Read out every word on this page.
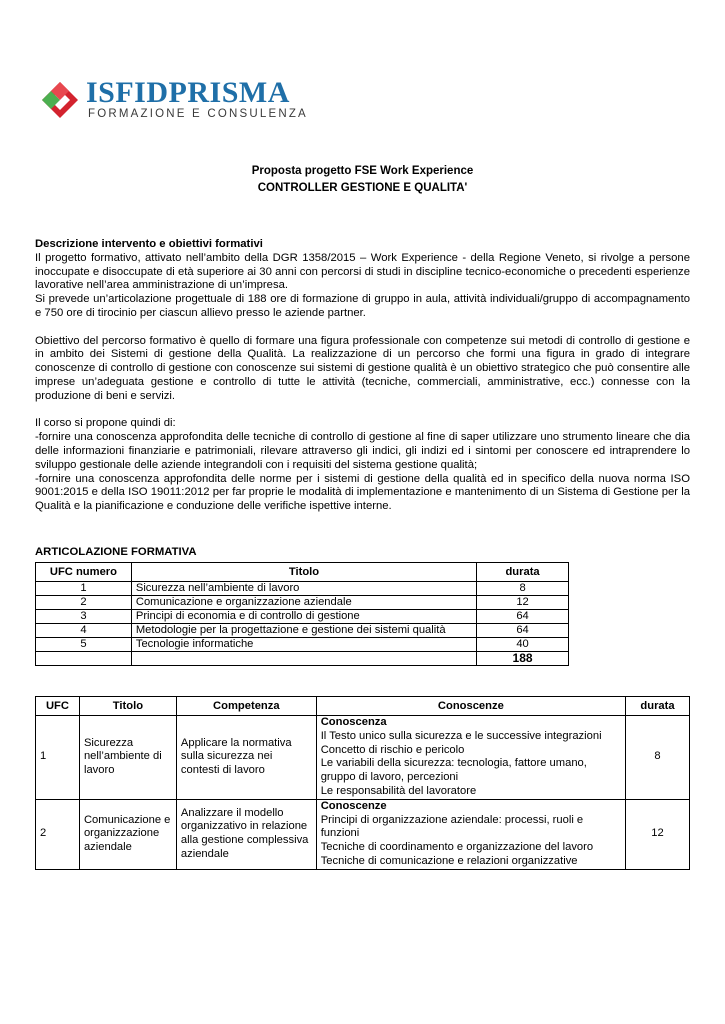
ISFIDPRISMA
FORMAZIONE E CONSULENZA
Proposta progetto FSE Work Experience
CONTROLLER GESTIONE E QUALITA'

Descrizione intervento e obiettivi formativi

Il progetto formativo, attivato nell’ambito della DGR 1358/2015 – Work Experience - della Regione Veneto, si rivolge a persone inoccupate e disoccupate di età superiore ai 30 anni con percorsi di studi in discipline tecnico-economiche o precedenti esperienze lavorative nell’area amministrazione di un’impresa.

Si prevede un’articolazione progettuale di 188 ore di formazione di gruppo in aula, attività individuali/gruppo di accompagnamento e 750 ore di tirocinio per ciascun allievo presso le aziende partner.

Obiettivo del percorso formativo è quello di formare una figura professionale con competenze sui metodi di controllo di gestione e in ambito dei Sistemi di gestione della Qualità. La realizzazione di un percorso che formi una figura in grado di integrare conoscenze di controllo di gestione con conoscenze sui sistemi di gestione qualità è un obiettivo strategico che può consentire alle imprese un’adeguata gestione e controllo di tutte le attività (tecniche, commerciali, amministrative, ecc.) connesse con la produzione di beni e servizi.

Il corso si propone quindi di:

-fornire una conoscenza approfondita delle tecniche di controllo di gestione al fine di saper utilizzare uno strumento lineare che dia delle informazioni finanziarie e patrimoniali, rilevare attraverso gli indici, gli indizi ed i sintomi per conoscere ed intraprendere lo sviluppo gestionale delle aziende integrandoli con i requisiti del sistema gestione qualità;

-fornire una conoscenza approfondita delle norme per i sistemi di gestione della qualità ed in specifico della nuova norma ISO 9001:2015 e della ISO 19011:2012 per far proprie le modalità di implementazione e mantenimento di un Sistema di Gestione per la Qualità e la pianificazione e conduzione delle verifiche ispettive interne.

ARTICOLAZIONE FORMATIVA
UFC numero	Titolo	durata
1	Sicurezza nell’ambiente di lavoro	8
2	Comunicazione e organizzazione aziendale	12
3	Principi di economia e di controllo di gestione	64
4	Metodologie per la progettazione e gestione dei sistemi qualità	64
5	Tecnologie informatiche	40
		188
UFC	Titolo	Competenza	Conoscenze	durata
1	Sicurezza nell’ambiente di lavoro	Applicare la normativa sulla sicurezza nei contesti di lavoro	Conoscenza
Il Testo unico sulla sicurezza e le successive integrazioni
Concetto di rischio e pericolo
Le variabili della sicurezza: tecnologia, fattore umano, gruppo di lavoro, percezioni
Le responsabilità del lavoratore	8
2	Comunicazione e organizzazione aziendale	Analizzare il modello organizzativo in relazione alla gestione complessiva aziendale	Conoscenze
Principi di organizzazione aziendale: processi, ruoli e funzioni
Tecniche di coordinamento e organizzazione del lavoro
Tecniche di comunicazione e relazioni organizzative	12
